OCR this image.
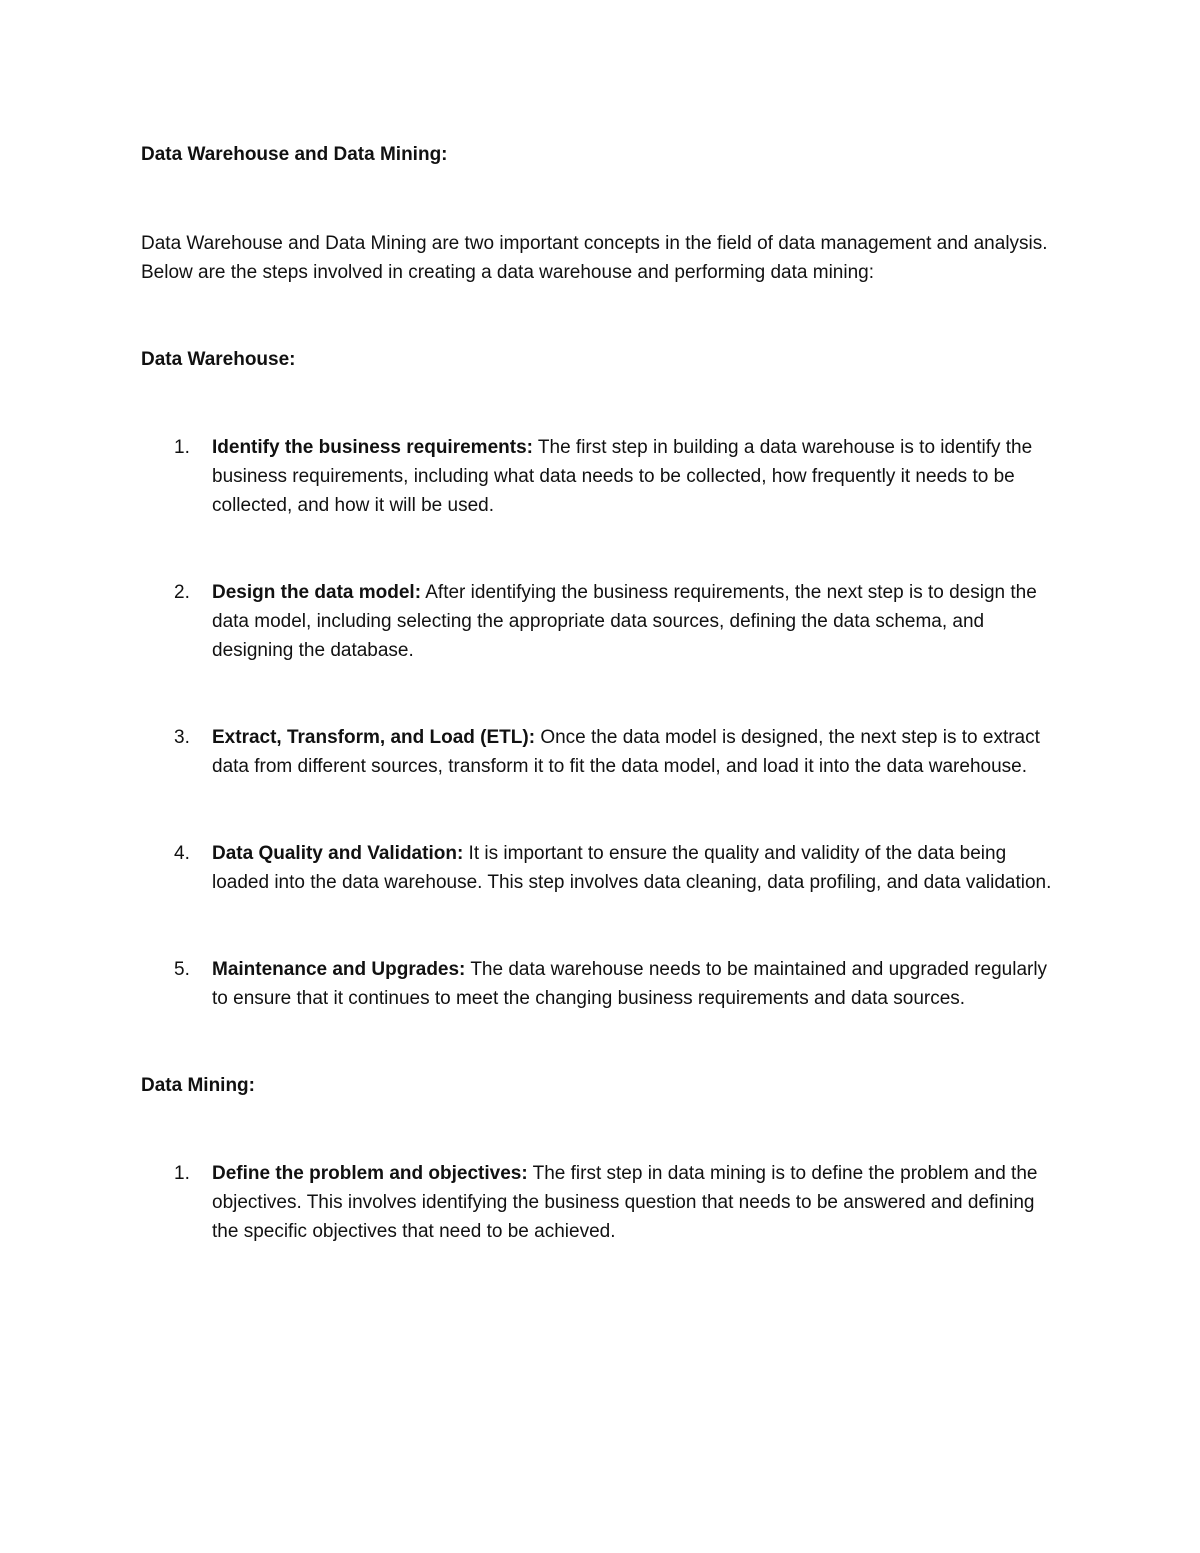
Data Warehouse and Data Mining:

Data Warehouse and Data Mining are two important concepts in the field of data management and analysis. Below are the steps involved in creating a data warehouse and performing data mining:

Data Warehouse:

1. Identify the business requirements: The first step in building a data warehouse is to identify the business requirements, including what data needs to be collected, how frequently it needs to be collected, and how it will be used.
2. Design the data model: After identifying the business requirements, the next step is to design the data model, including selecting the appropriate data sources, defining the data schema, and designing the database.
3. Extract, Transform, and Load (ETL): Once the data model is designed, the next step is to extract data from different sources, transform it to fit the data model, and load it into the data warehouse.
4. Data Quality and Validation: It is important to ensure the quality and validity of the data being loaded into the data warehouse. This step involves data cleaning, data profiling, and data validation.
5. Maintenance and Upgrades: The data warehouse needs to be maintained and upgraded regularly to ensure that it continues to meet the changing business requirements and data sources.

Data Mining:

1. Define the problem and objectives: The first step in data mining is to define the problem and the objectives. This involves identifying the business question that needs to be answered and defining the specific objectives that need to be achieved.
